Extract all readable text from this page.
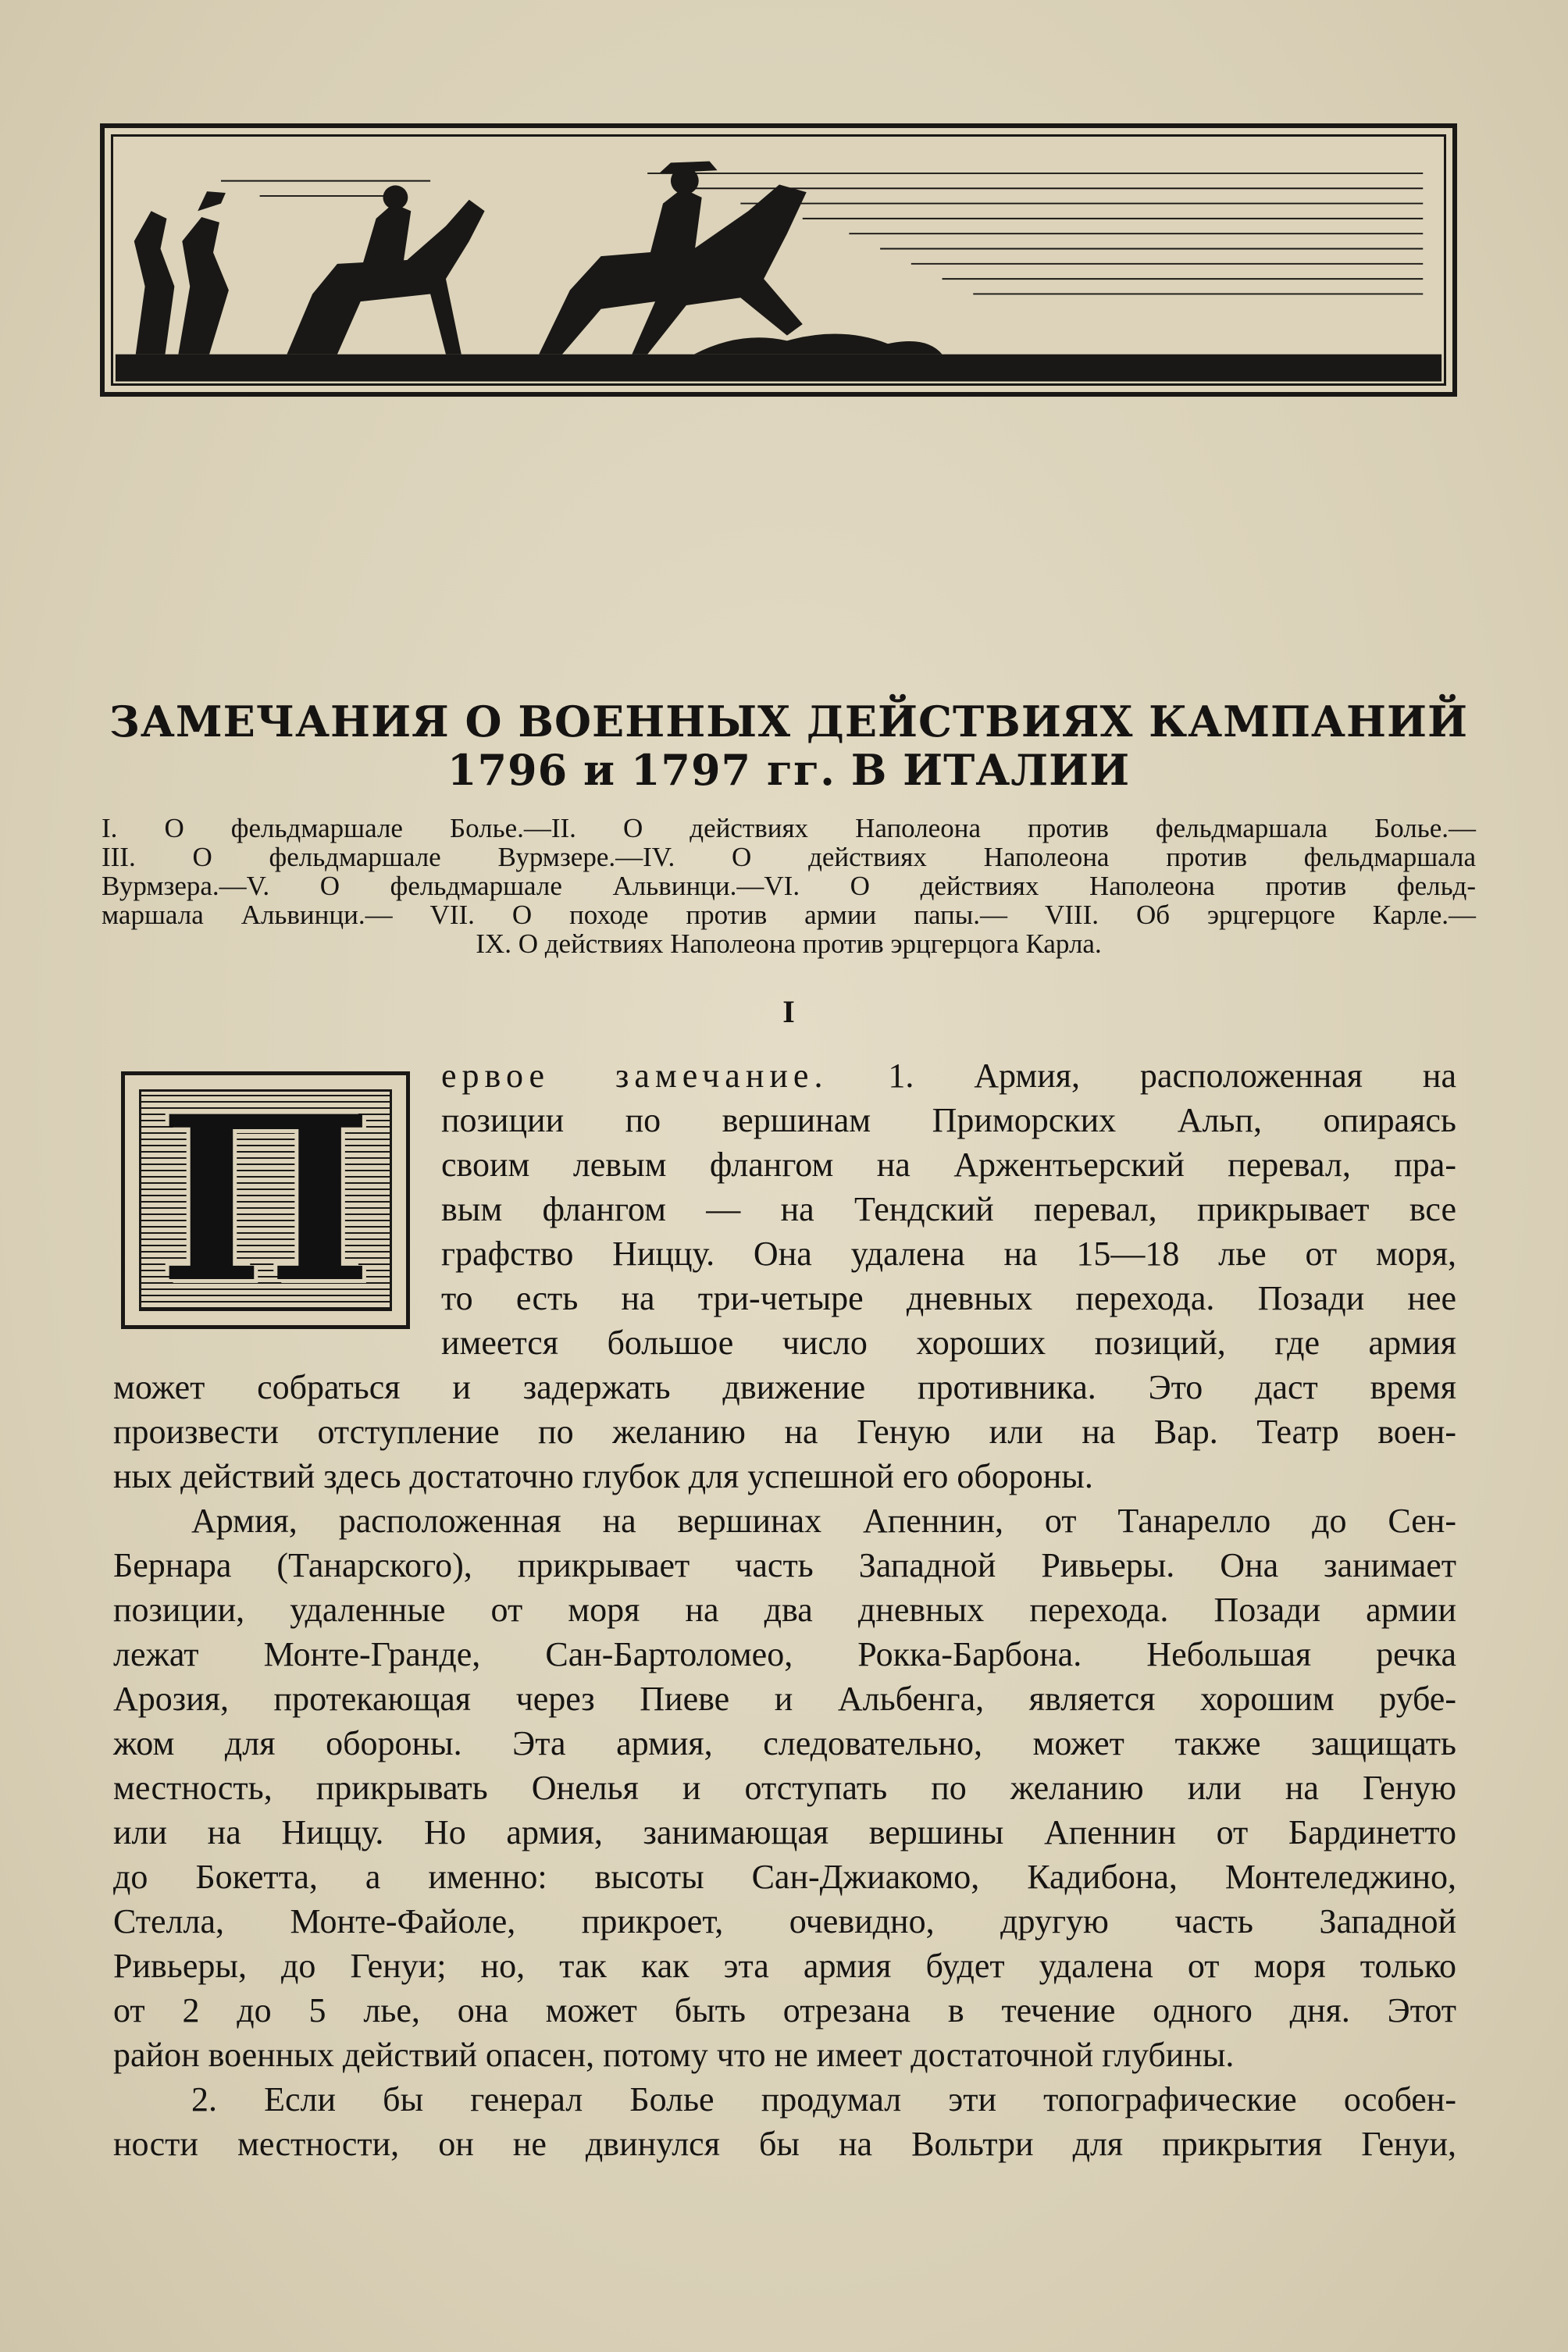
ЗАМЕЧАНИЯ О ВОЕННЫХ ДЕЙСТВИЯХ КАМПАНИЙ
1796 и 1797 гг. В ИТАЛИИ
I. О фельдмаршале Болье.—II. О действиях Наполеона против фельдмаршала Болье.—
III. О фельдмаршале Вурмзере.—IV. О действиях Наполеона против фельдмаршала
Вурмзера.—V. О фельдмаршале Альвинци.—VI. О действиях Наполеона против фельд-
маршала Альвинци.— VII. О походе против армии папы.— VIII. Об эрцгерцоге Карле.—
IX. О действиях Наполеона против эрцгерцога Карла.
I
П	ервое замечание. 1. Армия, расположенная на
позиции по вершинам Приморских Альп, опираясь
своим левым флангом на Аржентьерский перевал, пра-
вым флангом — на Тендский перевал, прикрывает все
графство Ниццу. Она удалена на 15—18 лье от моря,
то есть на три-четыре дневных перехода. Позади нее
имеется большое число хороших позиций, где армия
может собраться и задержать движение противника. Это даст время
произвести отступление по желанию на Геную или на Вар. Театр воен-
ных действий здесь достаточно глубок для успешной его обороны.
Армия, расположенная на вершинах Апеннин, от Танарелло до Сен-
Бернара (Танарского), прикрывает часть Западной Ривьеры. Она занимает
позиции, удаленные от моря на два дневных перехода. Позади армии
лежат Монте-Гранде, Сан-Бартоломео, Рокка-Барбона. Небольшая речка
Арозия, протекающая через Пиеве и Альбенга, является хорошим рубе-
жом для обороны. Эта армия, следовательно, может также защищать
местность, прикрывать Онелья и отступать по желанию или на Геную
или на Ниццу. Но армия, занимающая вершины Апеннин от Бардинетто
до Бокетта, а именно: высоты Сан-Джиакомо, Кадибона, Монтеледжино,
Стелла, Монте-Файоле, прикроет, очевидно, другую часть Западной
Ривьеры, до Генуи; но, так как эта армия будет удалена от моря только
от 2 до 5 лье, она может быть отрезана в течение одного дня. Этот
район военных действий опасен, потому что не имеет достаточной глубины.
2. Если бы генерал Болье продумал эти топографические особен-
ности местности, он не двинулся бы на Вольтри для прикрытия Генуи,
